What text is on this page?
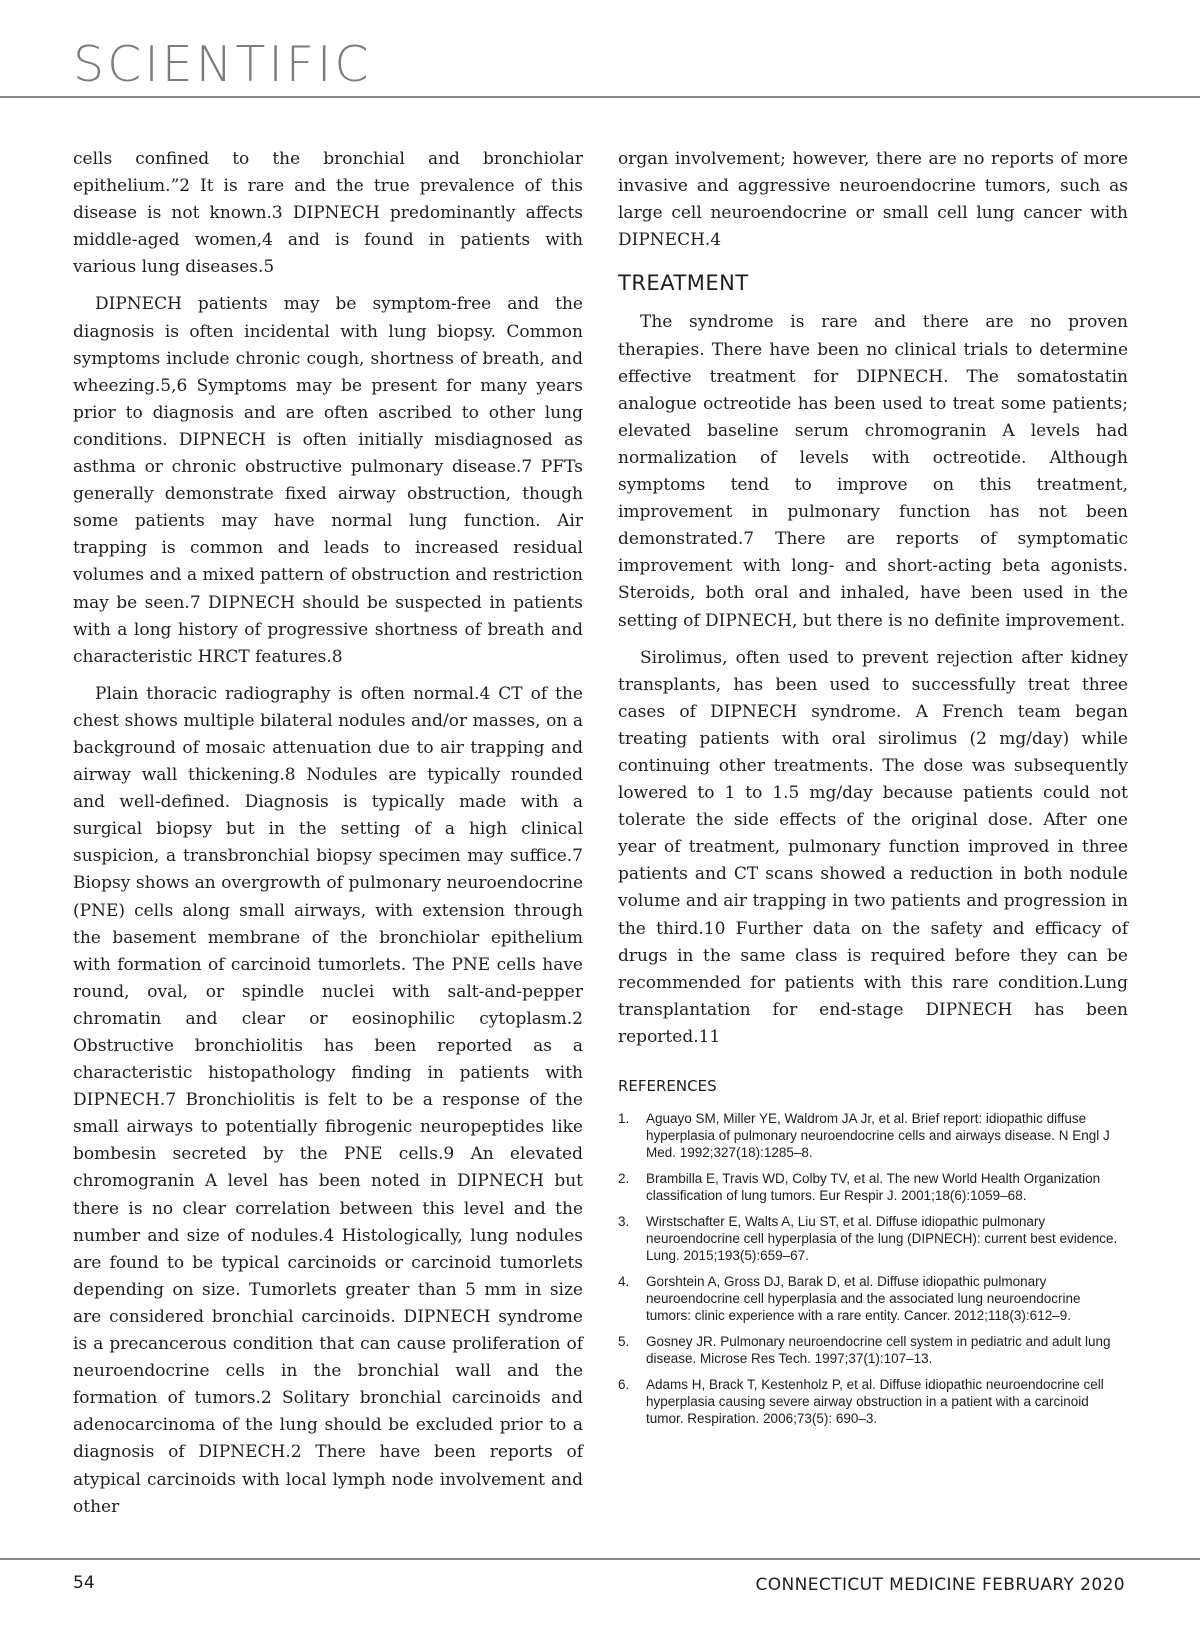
SCIENTIFIC

cells confined to the bronchial and bronchiolar epithelium.”2 It is rare and the true prevalence of this disease is not known.3 DIPNECH predominantly affects middle-aged women,4 and is found in patients with various lung diseases.5

DIPNECH patients may be symptom-free and the diagnosis is often incidental with lung biopsy. Common symptoms include chronic cough, shortness of breath, and wheezing.5,6 Symptoms may be present for many years prior to diagnosis and are often ascribed to other lung conditions. DIPNECH is often initially misdiagnosed as asthma or chronic obstructive pulmonary disease.7 PFTs generally demonstrate fixed airway obstruction, though some patients may have normal lung function. Air trapping is common and leads to increased residual volumes and a mixed pattern of obstruction and restriction may be seen.7 DIPNECH should be suspected in patients with a long history of progressive shortness of breath and characteristic HRCT features.8

Plain thoracic radiography is often normal.4 CT of the chest shows multiple bilateral nodules and/or masses, on a background of mosaic attenuation due to air trapping and airway wall thickening.8 Nodules are typically rounded and well-defined. Diagnosis is typically made with a surgical biopsy but in the setting of a high clinical suspicion, a transbronchial biopsy specimen may suffice.7 Biopsy shows an overgrowth of pulmonary neuroendocrine (PNE) cells along small airways, with extension through the basement membrane of the bronchiolar epithelium with formation of carcinoid tumorlets. The PNE cells have round, oval, or spindle nuclei with salt-and-pepper chromatin and clear or eosinophilic cytoplasm.2 Obstructive bronchiolitis has been reported as a characteristic histopathology finding in patients with DIPNECH.7 Bronchiolitis is felt to be a response of the small airways to potentially fibrogenic neuropeptides like bombesin secreted by the PNE cells.9 An elevated chromogranin A level has been noted in DIPNECH but there is no clear correlation between this level and the number and size of nodules.4 Histologically, lung nodules are found to be typical carcinoids or carcinoid tumorlets depending on size. Tumorlets greater than 5 mm in size are considered bronchial carcinoids. DIPNECH syndrome is a precancerous condition that can cause proliferation of neuroendocrine cells in the bronchial wall and the formation of tumors.2 Solitary bronchial carcinoids and adenocarcinoma of the lung should be excluded prior to a diagnosis of DIPNECH.2 There have been reports of atypical carcinoids with local lymph node involvement and other

organ involvement; however, there are no reports of more invasive and aggressive neuroendocrine tumors, such as large cell neuroendocrine or small cell lung cancer with DIPNECH.4

TREATMENT

The syndrome is rare and there are no proven therapies. There have been no clinical trials to determine effective treatment for DIPNECH. The somatostatin analogue octreotide has been used to treat some patients; elevated baseline serum chromogranin A levels had normalization of levels with octreotide. Although symptoms tend to improve on this treatment, improvement in pulmonary function has not been demonstrated.7 There are reports of symptomatic improvement with long- and short-acting beta agonists. Steroids, both oral and inhaled, have been used in the setting of DIPNECH, but there is no definite improvement.

Sirolimus, often used to prevent rejection after kidney transplants, has been used to successfully treat three cases of DIPNECH syndrome. A French team began treating patients with oral sirolimus (2 mg/day) while continuing other treatments. The dose was subsequently lowered to 1 to 1.5 mg/day because patients could not tolerate the side effects of the original dose. After one year of treatment, pulmonary function improved in three patients and CT scans showed a reduction in both nodule volume and air trapping in two patients and progression in the third.10 Further data on the safety and efficacy of drugs in the same class is required before they can be recommended for patients with this rare condition.Lung transplantation for end-stage DIPNECH has been reported.11

REFERENCES
1.	Aguayo SM, Miller YE, Waldrom JA Jr, et al. Brief report: idiopathic diffuse hyperplasia of pulmonary neuroendocrine cells and airways disease. N Engl J Med. 1992;327(18):1285–8.
2.	Brambilla E, Travis WD, Colby TV, et al. The new World Health Organization classification of lung tumors. Eur Respir J. 2001;18(6):1059–68.
3.	Wirstschafter E, Walts A, Liu ST, et al. Diffuse idiopathic pulmonary neuroendocrine cell hyperplasia of the lung (DIPNECH): current best evidence. Lung. 2015;193(5):659–67.
4.	Gorshtein A, Gross DJ, Barak D, et al. Diffuse idiopathic pulmonary neuroendocrine cell hyperplasia and the associated lung neuroendocrine tumors: clinic experience with a rare entity. Cancer. 2012;118(3):612–9.
5.	Gosney JR. Pulmonary neuroendocrine cell system in pediatric and adult lung disease. Microse Res Tech. 1997;37(1):107–13.
6.	Adams H, Brack T, Kestenholz P, et al. Diffuse idiopathic neuroendocrine cell hyperplasia causing severe airway obstruction in a patient with a carcinoid tumor. Respiration. 2006;73(5): 690–3.
54	CONNECTICUT MEDICINE FEBRUARY 2020
